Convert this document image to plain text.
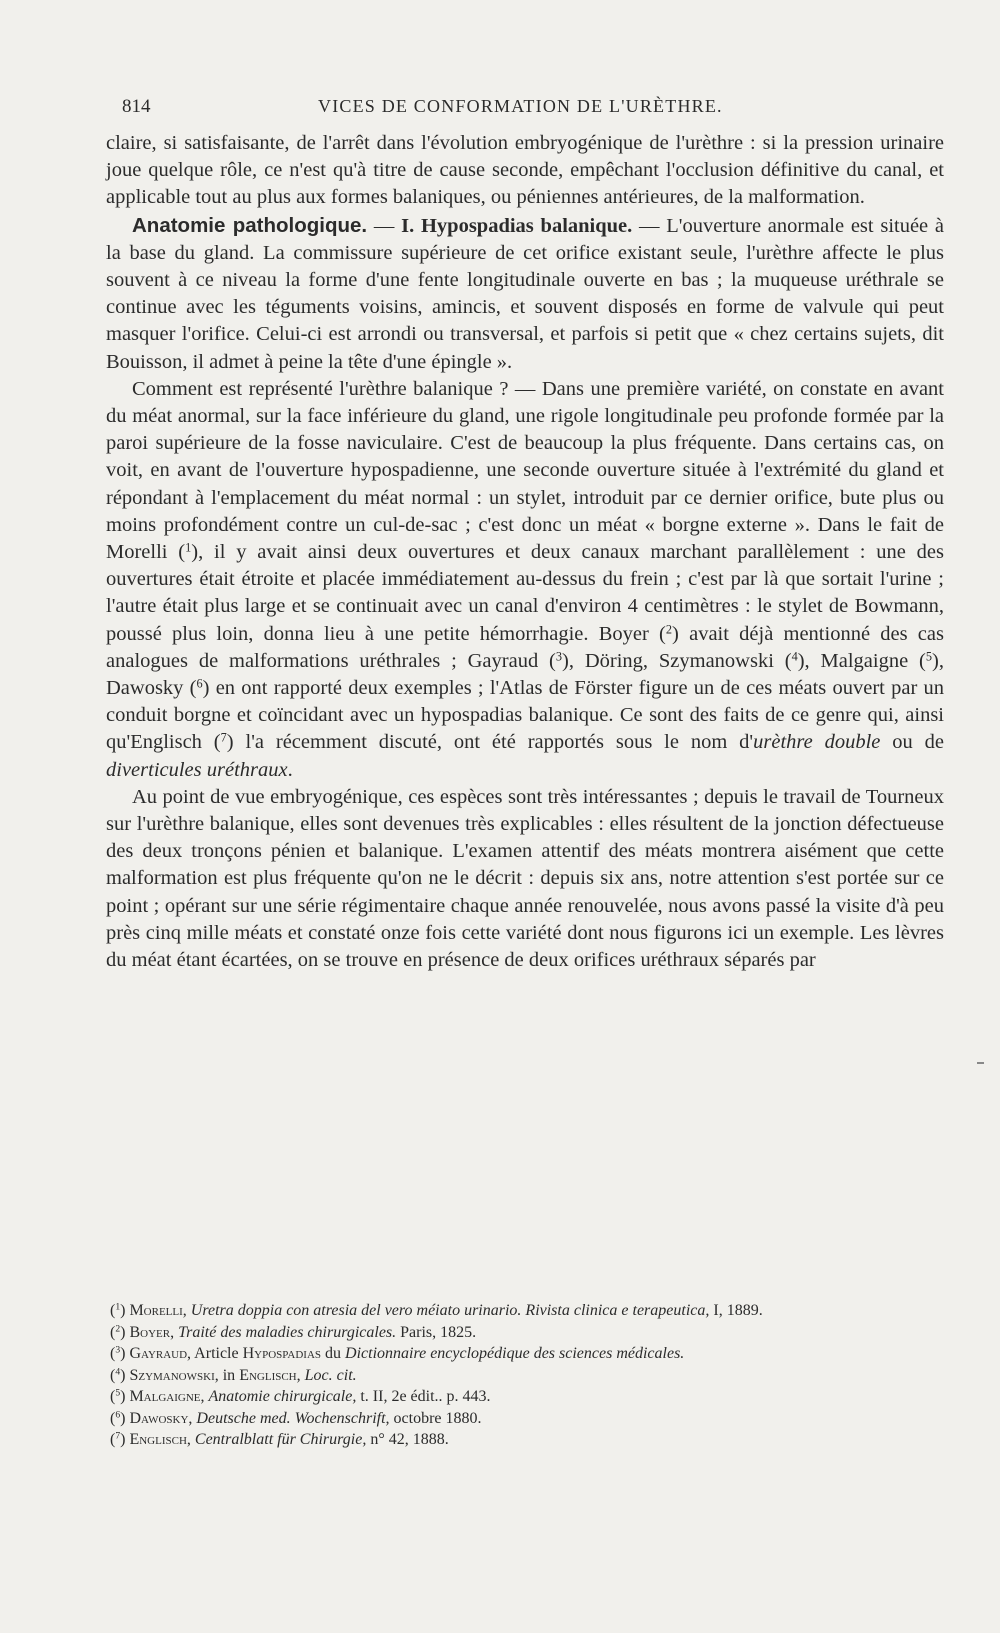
814	VICES DE CONFORMATION DE L'URÈTHRE.

claire, si satisfaisante, de l'arrêt dans l'évolution embryogénique de l'urèthre : si la pression urinaire joue quelque rôle, ce n'est qu'à titre de cause seconde, empêchant l'occlusion définitive du canal, et applicable tout au plus aux formes balaniques, ou péniennes antérieures, de la malformation.

Anatomie pathologique. — I. Hypospadias balanique. — L'ouverture anormale est située à la base du gland. La commissure supérieure de cet orifice existant seule, l'urèthre affecte le plus souvent à ce niveau la forme d'une fente longitudinale ouverte en bas ; la muqueuse uréthrale se continue avec les téguments voisins, amincis, et souvent disposés en forme de valvule qui peut masquer l'orifice. Celui-ci est arrondi ou transversal, et parfois si petit que « chez certains sujets, dit Bouisson, il admet à peine la tête d'une épingle ».

Comment est représenté l'urèthre balanique ? — Dans une première variété, on constate en avant du méat anormal, sur la face inférieure du gland, une rigole longitudinale peu profonde formée par la paroi supérieure de la fosse naviculaire. C'est de beaucoup la plus fréquente. Dans certains cas, on voit, en avant de l'ouverture hypospadienne, une seconde ouverture située à l'extrémité du gland et répondant à l'emplacement du méat normal : un stylet, introduit par ce dernier orifice, bute plus ou moins profondément contre un cul-de-sac ; c'est donc un méat « borgne externe ». Dans le fait de Morelli ($^1$), il y avait ainsi deux ouvertures et deux canaux marchant parallèlement : une des ouvertures était étroite et placée immédiatement au-dessus du frein ; c'est par là que sortait l'urine ; l'autre était plus large et se continuait avec un canal d'environ 4 centimètres : le stylet de Bowmann, poussé plus loin, donna lieu à une petite hémorrhagie. Boyer ($^2$) avait déjà mentionné des cas analogues de malformations uréthrales ; Gayraud ($^3$), Döring, Szymanowski ($^4$), Malgaigne ($^5$), Dawosky ($^6$) en ont rapporté deux exemples ; l'Atlas de Förster figure un de ces méats ouvert par un conduit borgne et coïncidant avec un hypospadias balanique. Ce sont des faits de ce genre qui, ainsi qu'Englisch ($^7$) l'a récemment discuté, ont été rapportés sous le nom d'urèthre double ou de diverticules uréthraux.

Au point de vue embryogénique, ces espèces sont très intéressantes ; depuis le travail de Tourneux sur l'urèthre balanique, elles sont devenues très explicables : elles résultent de la jonction défectueuse des deux tronçons pénien et balanique. L'examen attentif des méats montrera aisément que cette malformation est plus fréquente qu'on ne le décrit : depuis six ans, notre attention s'est portée sur ce point ; opérant sur une série régimentaire chaque année renouvelée, nous avons passé la visite d'à peu près cinq mille méats et constaté onze fois cette variété dont nous figurons ici un exemple. Les lèvres du méat étant écartées, on se trouve en présence de deux orifices uréthraux séparés par

($^1$) Morelli, Uretra doppia con atresia del vero méiato urinario. Rivista clinica e terapeutica, I, 1889.

($^2$) Boyer, Traité des maladies chirurgicales. Paris, 1825.

($^3$) Gayraud, Article Hypospadias du Dictionnaire encyclopédique des sciences médicales.

($^4$) Szymanowski, in Englisch, Loc. cit.

($^5$) Malgaigne, Anatomie chirurgicale, t. II, 2e édit.. p. 443.

($^6$) Dawosky, Deutsche med. Wochenschrift, octobre 1880.

($^7$) Englisch, Centralblatt für Chirurgie, n° 42, 1888.
